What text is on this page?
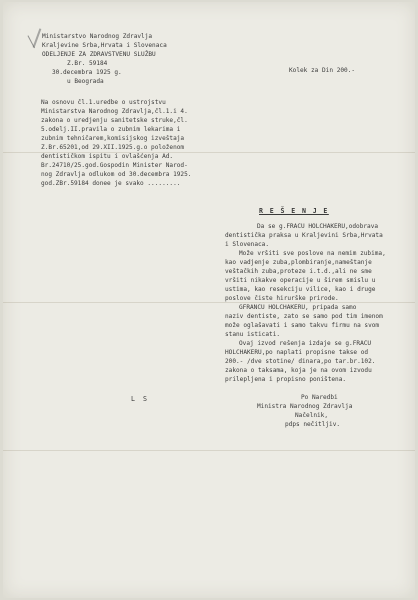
Ministarstvo Narodnog Zdravlja
Kraljevine Srba,Hrvata i Slovenaca
ODELJENJE ZA ZDRAVSTVENU SLUŽBU
Z.Br. 59184
30.decembra 1925 g.
u Beograda
Kolek za Din 200.-
Na osnovu čl.1.uredbe o ustrojstvu
Ministarstva Narodnog Zdravlja,čl.1.i 4.
zakona o uredjenju sanitetske struke,čl.
5.odelj.II.pravila o zubnim lekarima i
zubnim tehničarem,komisijskog izveštaja
Z.Br.65201,od 29.XII.1925.g.o položenom
dentističkom ispitu i ovlašćenja Ad.
Br.24710/25.god.Gospodin Minister Narod-
nog Zdravlja odlukom od 30.decembra 1925.
god.ZBr.59184 donee je svako .........
R E Š E N J E
Da se g.FRACU HOLCHAKERU,odobrava
dentistička praksa u Kraljevini Srba,Hrvata
i Slovenaca.
Može vršiti sve poslove na nemim zubima,
kao vadjenje zuba,plombiranje,nameštanje
veštačkih zuba,proteze i.t.d.,ali ne sme
vršiti nikakve operacije u širem smislu u
ustima, kao resekciju vilice, kao i druge
poslove čiste hirurške prirode.
GFRANCU HOLCHAKERU, pripada samo
naziv dentiste, zato se samo pod tim imenom
može oglašavati i samo takvu firmu na svom
stanu isticati.
Ovaj izvod rešenja izdaje se g.FRACU
HOLCHAKERU,po naplati propisne takse od
200.- /dve stotine/ dinara,po tar.br.102.
zakona o taksama, koja je na ovom izvodu
prilepljena i propisno poništena.
L S	Po Naredbi
Ministra Narodnog Zdravlja
Načelnik,
pdps nečitljiv.
